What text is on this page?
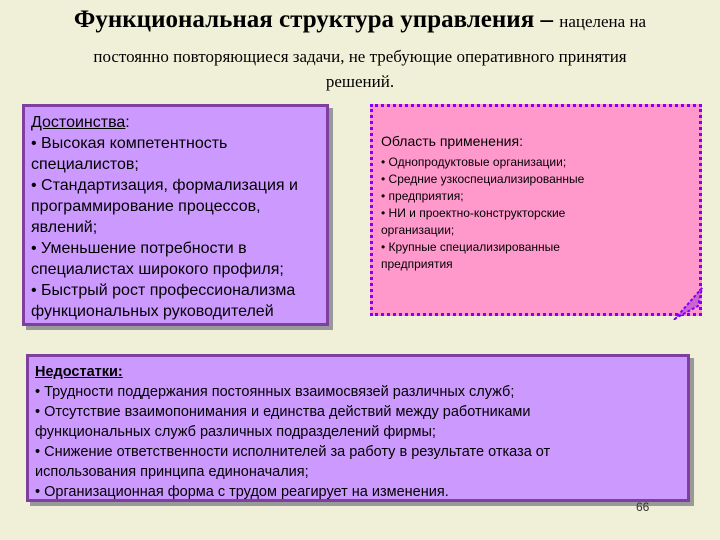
Функциональная структура управления – нацелена на
постоянно повторяющиеся задачи, не требующие оперативного принятия
решений.
Достоинства:
• Высокая компетентность
специалистов;
• Стандартизация, формализация и
программирование процессов,
явлений;
• Уменьшение потребности в
специалистах широкого профиля;
• Быстрый рост профессионализма
функциональных руководителей
Область применения:
• Однопродуктовые организации;
• Средние узкоспециализированные
• предприятия;
• НИ и проектно-конструкторские
организации;
• Крупные специализированные
предприятия
Недостатки:
• Трудности поддержания постоянных взаимосвязей различных служб;
• Отсутствие взаимопонимания и единства действий между работниками
функциональных служб различных подразделений фирмы;
• Снижение ответственности исполнителей за работу в результате отказа от
использования принципа единоначалия;
• Организационная форма с трудом реагирует на изменения.
66
